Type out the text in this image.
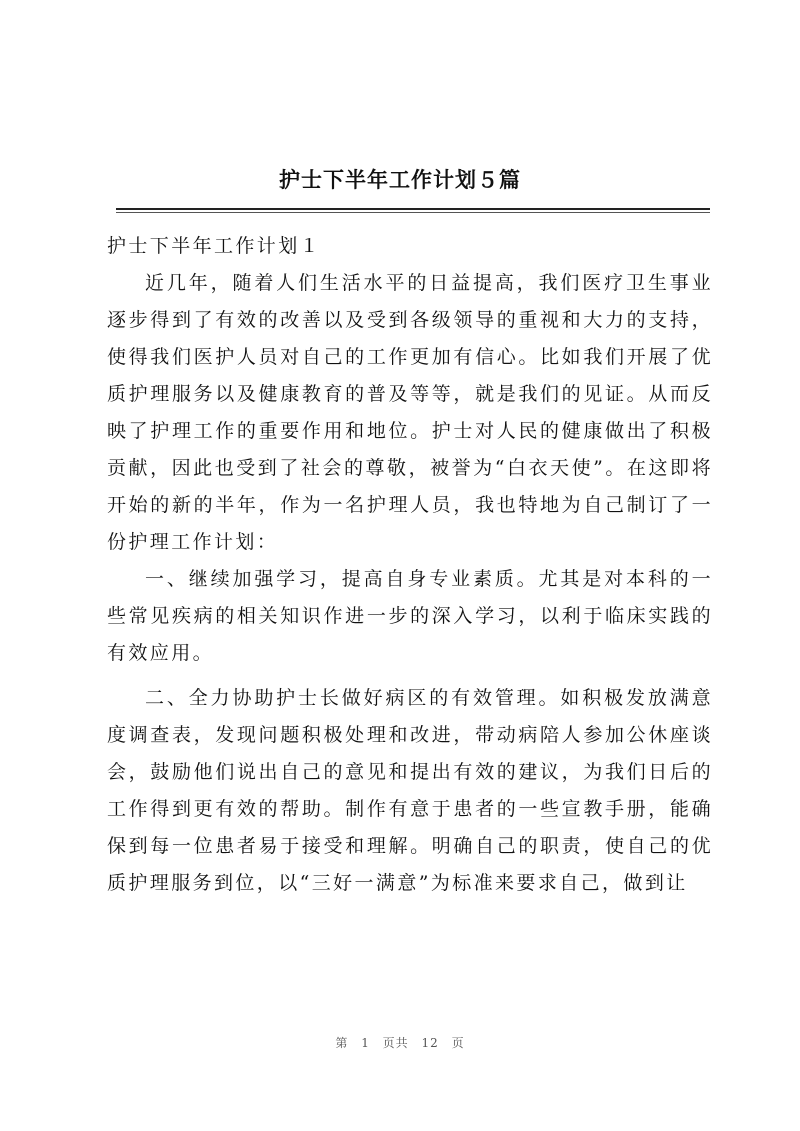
护士下半年工作计划５篇
护士下半年工作计划１

近几年，随着人们生活水平的日益提高，我们医疗卫生事业逐步得到了有效的改善以及受到各级领导的重视和大力的支持，使得我们医护人员对自己的工作更加有信心。比如我们开展了优质护理服务以及健康教育的普及等等，就是我们的见证。从而反映了护理工作的重要作用和地位。护士对人民的健康做出了积极贡献，因此也受到了社会的尊敬，被誉为“白衣天使”。在这即将开始的新的半年，作为一名护理人员，我也特地为自己制订了一份护理工作计划：

一、继续加强学习，提高自身专业素质。尤其是对本科的一些常见疾病的相关知识作进一步的深入学习，以利于临床实践的有效应用。

二、全力协助护士长做好病区的有效管理。如积极发放满意度调查表，发现问题积极处理和改进，带动病陪人参加公休座谈会，鼓励他们说出自己的意见和提出有效的建议，为我们日后的工作得到更有效的帮助。制作有意于患者的一些宣教手册，能确保到每一位患者易于接受和理解。明确自己的职责，使自己的优质护理服务到位，以“三好一满意”为标准来要求自己，做到让

第 1 页共 12 页
